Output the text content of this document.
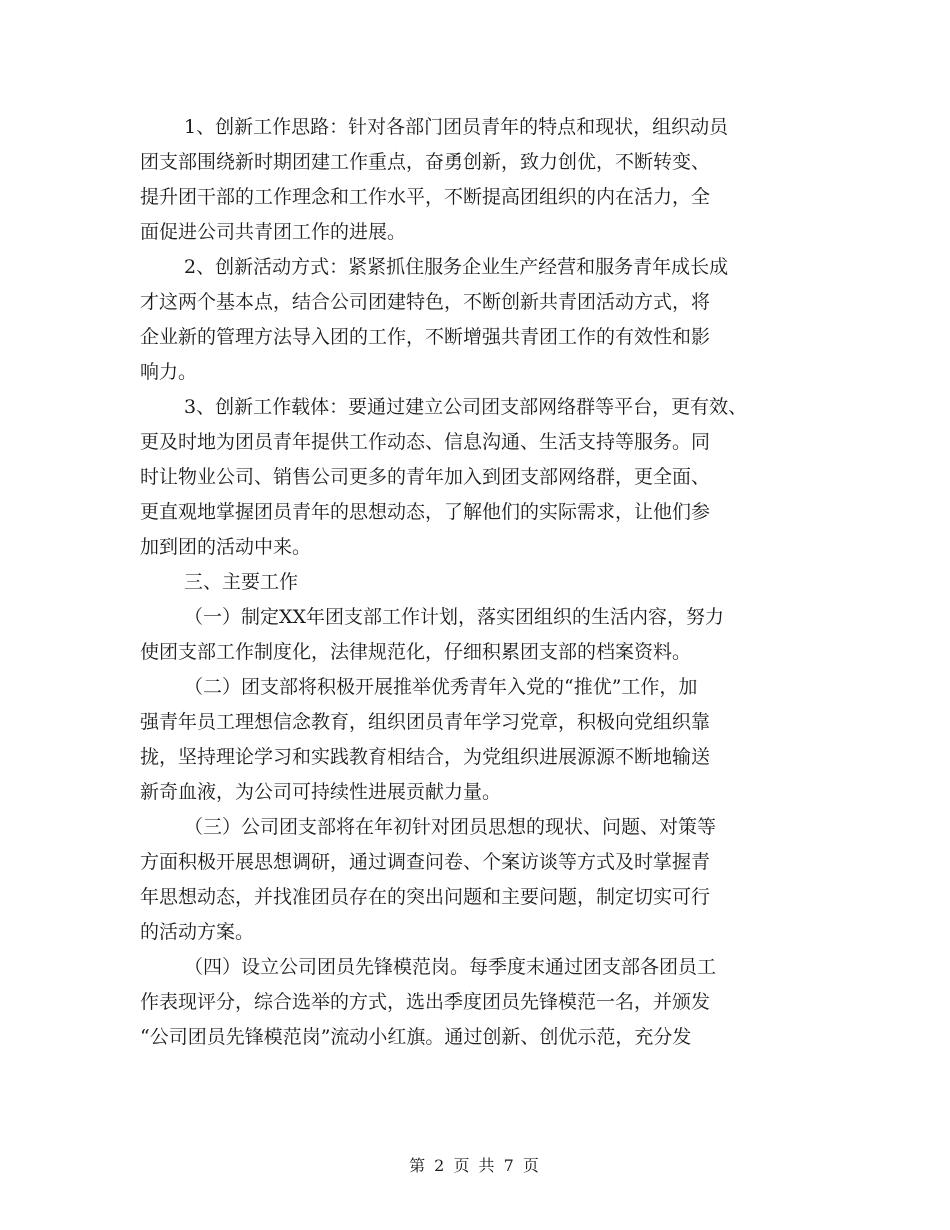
1、创新工作思路：针对各部门团员青年的特点和现状，组织动员
团支部围绕新时期团建工作重点，奋勇创新，致力创优，不断转变、
提升团干部的工作理念和工作水平，不断提高团组织的内在活力，全
面促进公司共青团工作的进展。

2、创新活动方式：紧紧抓住服务企业生产经营和服务青年成长成
才这两个基本点，结合公司团建特色，不断创新共青团活动方式，将
企业新的管理方法导入团的工作，不断增强共青团工作的有效性和影
响力。

3、创新工作载体：要通过建立公司团支部网络群等平台，更有效、
更及时地为团员青年提供工作动态、信息沟通、生活支持等服务。同
时让物业公司、销售公司更多的青年加入到团支部网络群，更全面、
更直观地掌握团员青年的思想动态，了解他们的实际需求，让他们参
加到团的活动中来。

三、主要工作

（一）制定XX年团支部工作计划，落实团组织的生活内容，努力
使团支部工作制度化，法律规范化，仔细积累团支部的档案资料。

（二）团支部将积极开展推举优秀青年入党的“推优”工作，加
强青年员工理想信念教育，组织团员青年学习党章，积极向党组织靠
拢，坚持理论学习和实践教育相结合，为党组织进展源源不断地输送
新奇血液，为公司可持续性进展贡献力量。

（三）公司团支部将在年初针对团员思想的现状、问题、对策等
方面积极开展思想调研，通过调查问卷、个案访谈等方式及时掌握青
年思想动态，并找准团员存在的突出问题和主要问题，制定切实可行
的活动方案。

（四）设立公司团员先锋模范岗。每季度末通过团支部各团员工
作表现评分，综合选举的方式，选出季度团员先锋模范一名，并颁发
“公司团员先锋模范岗”流动小红旗。通过创新、创优示范，充分发

第 2 页 共 7 页
